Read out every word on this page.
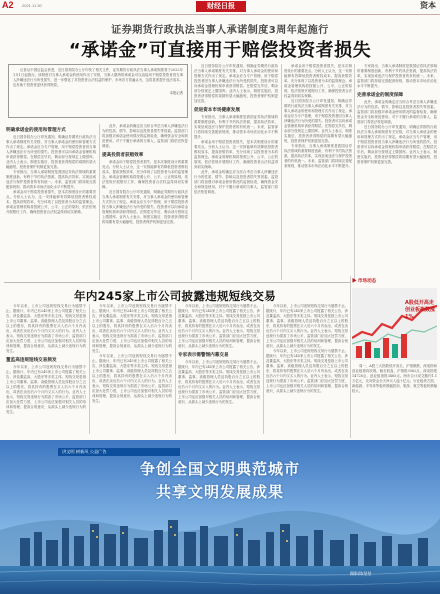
A2 2021.11.30	财经日报	资本
证券期货行政执法当事人承诺制度3周年起施行
“承诺金”可直接用于赔偿投资者损失

记者从中国证监会获悉，近日国务院办公厅印发了相关文件，证券期货行政执法当事人承诺制度将于2022年1月1日起施行。该制度对当事人承诺金的使用作出了安排，当事人缴纳的承诺金可以直接用于赔偿投资者因当事人涉嫌违法行为所受损失，进一步强化了对投资者合法权益的保护，市场各方普遍认为，这将显著提升违法成本，也有助于投资者更快获得赔偿。

本报记者
明确承诺金的使用和管理方式

近日国务院办公厅印发通知，明确证券期货行政执法当事人承诺制度有关安排，对当事人承诺金的使用和管理方式作出了规定。承诺金应当专户管理，用于赔偿投资者因当事人涉嫌违法行为所受的损失。投资者可以向承诺金管理机构申请获得赔偿。在赔偿完毕后，剩余部分按规定上缴国库。业内人士表示，制度实施后，投资者获得赔偿的周期有望大幅缩短，投资者保护机制更加完善。

专家指出，当事人承诺制度是我国证券执法领域的重要制度创新，有利于节约执法资源，提高执法效率，实现惩戒违法与保护投资者的有机统一。未来，监管部门将持续完善配套规则，推动资本市场法治化水平不断提升。

承诺金用于赔偿投资者损失，是本次制度设计的重要亮点。分析人士认为，这一安排能够有效降低投资者维权成本，提高获赔效率，充分体现了以投资者为本的监管理念。承诺金管理机构将按照公开、公平、公正的原则，依法依规开展赔付工作，确保投资者合法权益得到切实保障。

此外，承诺金的确定应当综合考虑当事人涉嫌违法行为的性质、情节、影响以及投资者损失等因素。监管部门将加强对承诺金使用情况的监督检查，确保资金安全和规范使用。对于不履行承诺的当事人，监管部门将依法恢复调查。

提高投资者获赔效率

承诺金用于赔偿投资者损失，是本次制度设计的重要亮点。分析人士认为，这一安排能够有效降低投资者维权成本，提高获赔效率，充分体现了以投资者为本的监管理念。承诺金管理机构将按照公开、公平、公正的原则，依法依规开展赔付工作，确保投资者合法权益得到切实保障。

近日国务院办公厅印发通知，明确证券期货行政执法当事人承诺制度有关安排，对当事人承诺金的使用和管理方式作出了规定。承诺金应当专户管理，用于赔偿投资者因当事人涉嫌违法行为所受的损失。投资者可以向承诺金管理机构申请获得赔偿。在赔偿完毕后，剩余部分按规定上缴国库。业内人士表示，制度实施后，投资者获得赔偿的周期有望大幅缩短，投资者保护机制更加完善。

近日国务院办公厅印发通知，明确证券期货行政执法当事人承诺制度有关安排，对当事人承诺金的使用和管理方式作出了规定。承诺金应当专户管理，用于赔偿投资者因当事人涉嫌违法行为所受的损失。投资者可以向承诺金管理机构申请获得赔偿。在赔偿完毕后，剩余部分按规定上缴国库。业内人士表示，制度实施后，投资者获得赔偿的周期有望大幅缩短，投资者保护机制更加完善。

促进资本市场健康发展

专家指出，当事人承诺制度是我国证券执法领域的重要制度创新，有利于节约执法资源，提高执法效率，实现惩戒违法与保护投资者的有机统一。未来，监管部门将持续完善配套规则，推动资本市场法治化水平不断提升。

承诺金用于赔偿投资者损失，是本次制度设计的重要亮点。分析人士认为，这一安排能够有效降低投资者维权成本，提高获赔效率，充分体现了以投资者为本的监管理念。承诺金管理机构将按照公开、公平、公正的原则，依法依规开展赔付工作，确保投资者合法权益得到切实保障。

此外，承诺金的确定应当综合考虑当事人涉嫌违法行为的性质、情节、影响以及投资者损失等因素。监管部门将加强对承诺金使用情况的监督检查，确保资金安全和规范使用。对于不履行承诺的当事人，监管部门将依法恢复调查。

承诺金用于赔偿投资者损失，是本次制度设计的重要亮点。分析人士认为，这一安排能够有效降低投资者维权成本，提高获赔效率，充分体现了以投资者为本的监管理念。承诺金管理机构将按照公开、公平、公正的原则，依法依规开展赔付工作，确保投资者合法权益得到切实保障。

近日国务院办公厅印发通知，明确证券期货行政执法当事人承诺制度有关安排，对当事人承诺金的使用和管理方式作出了规定。承诺金应当专户管理，用于赔偿投资者因当事人涉嫌违法行为所受的损失。投资者可以向承诺金管理机构申请获得赔偿。在赔偿完毕后，剩余部分按规定上缴国库。业内人士表示，制度实施后，投资者获得赔偿的周期有望大幅缩短，投资者保护机制更加完善。

专家指出，当事人承诺制度是我国证券执法领域的重要制度创新，有利于节约执法资源，提高执法效率，实现惩戒违法与保护投资者的有机统一。未来，监管部门将持续完善配套规则，推动资本市场法治化水平不断提升。

专家指出，当事人承诺制度是我国证券执法领域的重要制度创新，有利于节约执法资源，提高执法效率，实现惩戒违法与保护投资者的有机统一。未来，监管部门将持续完善配套规则，推动资本市场法治化水平不断提升。

完善承诺金的制度保障

此外，承诺金的确定应当综合考虑当事人涉嫌违法行为的性质、情节、影响以及投资者损失等因素。监管部门将加强对承诺金使用情况的监督检查，确保资金安全和规范使用。对于不履行承诺的当事人，监管部门将依法恢复调查。

近日国务院办公厅印发通知，明确证券期货行政执法当事人承诺制度有关安排，对当事人承诺金的使用和管理方式作出了规定。承诺金应当专户管理，用于赔偿投资者因当事人涉嫌违法行为所受的损失。投资者可以向承诺金管理机构申请获得赔偿。在赔偿完毕后，剩余部分按规定上缴国库。业内人士表示，制度实施后，投资者获得赔偿的周期有望大幅缩短，投资者保护机制更加完善。

年内245家上市公司披露违规短线交易

今年以来，上市公司违规短线交易行为屡禁不止。据统计，年内已有245家上市公司披露了相关公告，涉及董监高、大股东等多类主体。短线交易是指上市公司董事、监事、高级管理人员及持股百分之五以上的股东，将其持有的股票在买入后六个月内卖出，或者在卖出后六个月内又买入的行为。业内人士表示，短线交易违规行为损害了市场公平，监管部门应加大处罚力度，上市公司也应加强对相关人员的培训和管理，提高合规意识，从源头上减少违规行为的发生。

董监高违规短线交易频发

今年以来，上市公司违规短线交易行为屡禁不止。据统计，年内已有245家上市公司披露了相关公告，涉及董监高、大股东等多类主体。短线交易是指上市公司董事、监事、高级管理人员及持股百分之五以上的股东，将其持有的股票在买入后六个月内卖出，或者在卖出后六个月内又买入的行为。业内人士表示，短线交易违规行为损害了市场公平，监管部门应加大处罚力度，上市公司也应加强对相关人员的培训和管理，提高合规意识，从源头上减少违规行为的发生。

今年以来，上市公司违规短线交易行为屡禁不止。据统计，年内已有245家上市公司披露了相关公告，涉及董监高、大股东等多类主体。短线交易是指上市公司董事、监事、高级管理人员及持股百分之五以上的股东，将其持有的股票在买入后六个月内卖出，或者在卖出后六个月内又买入的行为。业内人士表示，短线交易违规行为损害了市场公平，监管部门应加大处罚力度，上市公司也应加强对相关人员的培训和管理，提高合规意识，从源头上减少违规行为的发生。

今年以来，上市公司违规短线交易行为屡禁不止。据统计，年内已有245家上市公司披露了相关公告，涉及董监高、大股东等多类主体。短线交易是指上市公司董事、监事、高级管理人员及持股百分之五以上的股东，将其持有的股票在买入后六个月内卖出，或者在卖出后六个月内又买入的行为。业内人士表示，短线交易违规行为损害了市场公平，监管部门应加大处罚力度，上市公司也应加强对相关人员的培训和管理，提高合规意识，从源头上减少违规行为的发生。

今年以来，上市公司违规短线交易行为屡禁不止。据统计，年内已有245家上市公司披露了相关公告，涉及董监高、大股东等多类主体。短线交易是指上市公司董事、监事、高级管理人员及持股百分之五以上的股东，将其持有的股票在买入后六个月内卖出，或者在卖出后六个月内又买入的行为。业内人士表示，短线交易违规行为损害了市场公平，监管部门应加大处罚力度，上市公司也应加强对相关人员的培训和管理，提高合规意识，从源头上减少违规行为的发生。

专家表示需警惕内幕交易

今年以来，上市公司违规短线交易行为屡禁不止。据统计，年内已有245家上市公司披露了相关公告，涉及董监高、大股东等多类主体。短线交易是指上市公司董事、监事、高级管理人员及持股百分之五以上的股东，将其持有的股票在买入后六个月内卖出，或者在卖出后六个月内又买入的行为。业内人士表示，短线交易违规行为损害了市场公平，监管部门应加大处罚力度，上市公司也应加强对相关人员的培训和管理，提高合规意识，从源头上减少违规行为的发生。

今年以来，上市公司违规短线交易行为屡禁不止。据统计，年内已有245家上市公司披露了相关公告，涉及董监高、大股东等多类主体。短线交易是指上市公司董事、监事、高级管理人员及持股百分之五以上的股东，将其持有的股票在买入后六个月内卖出，或者在卖出后六个月内又买入的行为。业内人士表示，短线交易违规行为损害了市场公平，监管部门应加大处罚力度，上市公司也应加强对相关人员的培训和管理，提高合规意识，从源头上减少违规行为的发生。

今年以来，上市公司违规短线交易行为屡禁不止。据统计，年内已有245家上市公司披露了相关公告，涉及董监高、大股东等多类主体。短线交易是指上市公司董事、监事、高级管理人员及持股百分之五以上的股东，将其持有的股票在买入后六个月内卖出，或者在卖出后六个月内又买入的行为。业内人士表示，短线交易违规行为损害了市场公平，监管部门应加大处罚力度，上市公司也应加强对相关人员的培训和管理，提高合规意识，从源头上减少违规行为的发生。

▶ 市场动态
A股低开高走 创业板指数涨1%

周一，A股三大指数低开高走，沪指微跌，深成指和创业板指均收涨。截至收盘，沪指报3562点，深成指报14728点，创业板指报3485点。两市合计成交额约1.1万亿元，北向资金全天净买入逾十亿元。行业板块方面，新能源、半导体等板块涨幅居前，旅游、航空等板块跌幅较大。

讲文明 树新风 公益广告
争创全国文明典范城市
共享文明发展成果
摄影/陈坚坚
